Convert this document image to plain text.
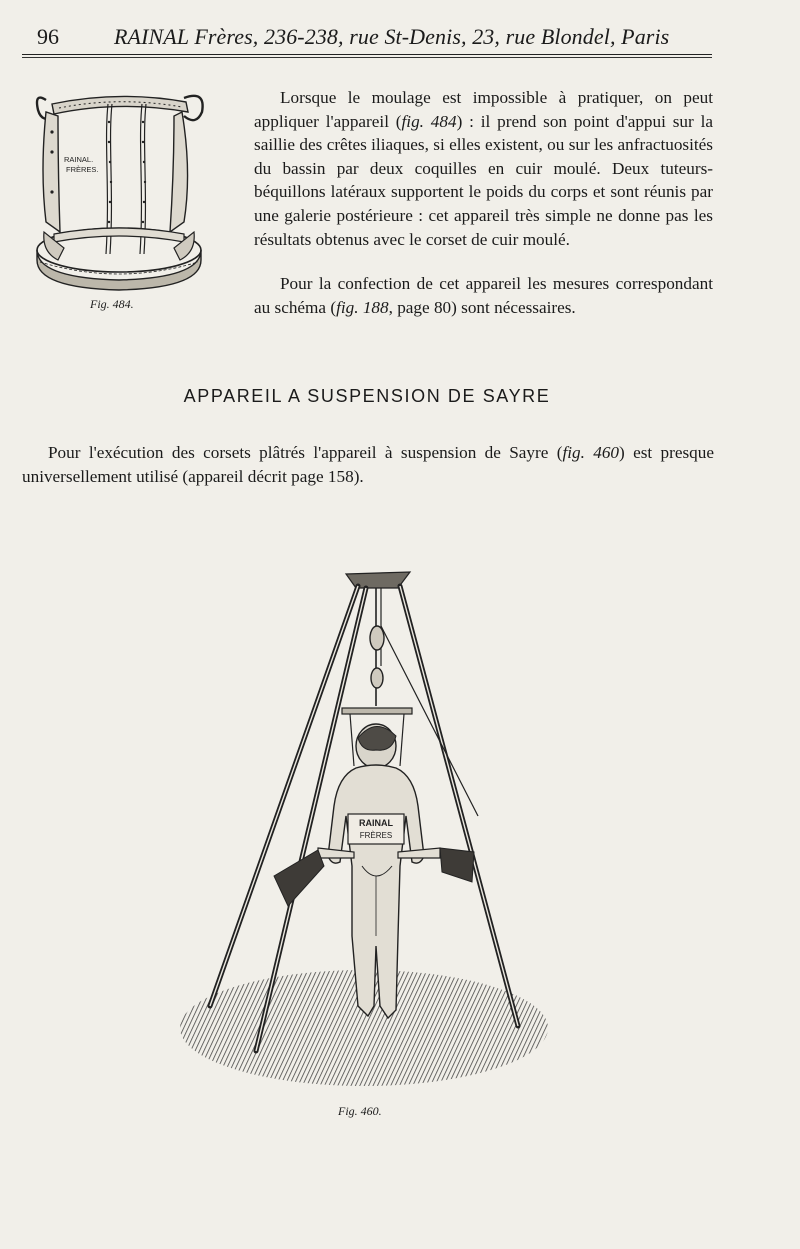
96	RAINAL Frères, 236-238, rue St-Denis, 23, rue Blondel, Paris
RAINAL.
FRÈRES.
Fig. 484.

Lorsque le moulage est impossible à pratiquer, on peut appliquer l'appareil (fig. 484) : il prend son point d'appui sur la saillie des crêtes iliaques, si elles existent, ou sur les anfractuosités du bassin par deux coquilles en cuir moulé. Deux tuteurs-béquillons latéraux supportent le poids du corps et sont réunis par une galerie postérieure : cet appareil très simple ne donne pas les résultats obtenus avec le corset de cuir moulé.

Pour la confection de cet appareil les mesures correspondant au schéma (fig. 188, page 80) sont nécessaires.

APPAREIL A SUSPENSION DE SAYRE

Pour l'exécution des corsets plâtrés l'appareil à suspension de Sayre (fig. 460) est presque universellement utilisé (appareil décrit page 158).

RAINAL
FRÈRES
Fig. 460.
